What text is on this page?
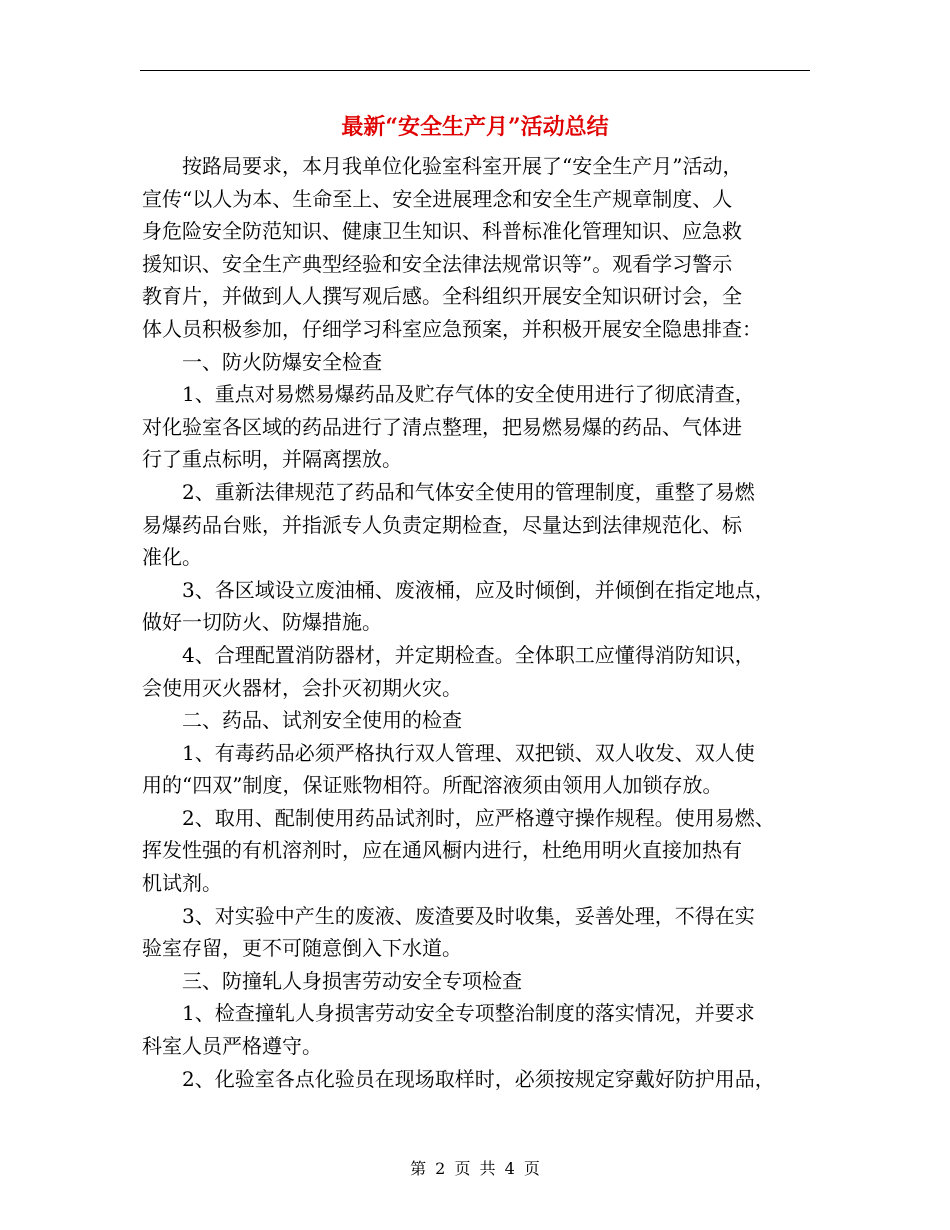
最新“安全生产月”活动总结

按路局要求，本月我单位化验室科室开展了“安全生产月”活动，
宣传“以人为本、生命至上、安全进展理念和安全生产规章制度、人
身危险安全防范知识、健康卫生知识、科普标准化管理知识、应急救
援知识、安全生产典型经验和安全法律法规常识等”。观看学习警示
教育片，并做到人人撰写观后感。全科组织开展安全知识研讨会，全
体人员积极参加，仔细学习科室应急预案，并积极开展安全隐患排查：

一、防火防爆安全检查

1、重点对易燃易爆药品及贮存气体的安全使用进行了彻底清查，
对化验室各区域的药品进行了清点整理，把易燃易爆的药品、气体进
行了重点标明，并隔离摆放。

2、重新法律规范了药品和气体安全使用的管理制度，重整了易燃
易爆药品台账，并指派专人负责定期检查，尽量达到法律规范化、标
准化。

3、各区域设立废油桶、废液桶，应及时倾倒，并倾倒在指定地点，
做好一切防火、防爆措施。

4、合理配置消防器材，并定期检查。全体职工应懂得消防知识，
会使用灭火器材，会扑灭初期火灾。

二、药品、试剂安全使用的检查

1、有毒药品必须严格执行双人管理、双把锁、双人收发、双人使
用的“四双”制度，保证账物相符。所配溶液须由领用人加锁存放。

2、取用、配制使用药品试剂时，应严格遵守操作规程。使用易燃、
挥发性强的有机溶剂时，应在通风橱内进行，杜绝用明火直接加热有
机试剂。

3、对实验中产生的废液、废渣要及时收集，妥善处理，不得在实
验室存留，更不可随意倒入下水道。

三、防撞轧人身损害劳动安全专项检查

1、检查撞轧人身损害劳动安全专项整治制度的落实情况，并要求
科室人员严格遵守。

2、化验室各点化验员在现场取样时，必须按规定穿戴好防护用品，

第 2 页 共 4 页
